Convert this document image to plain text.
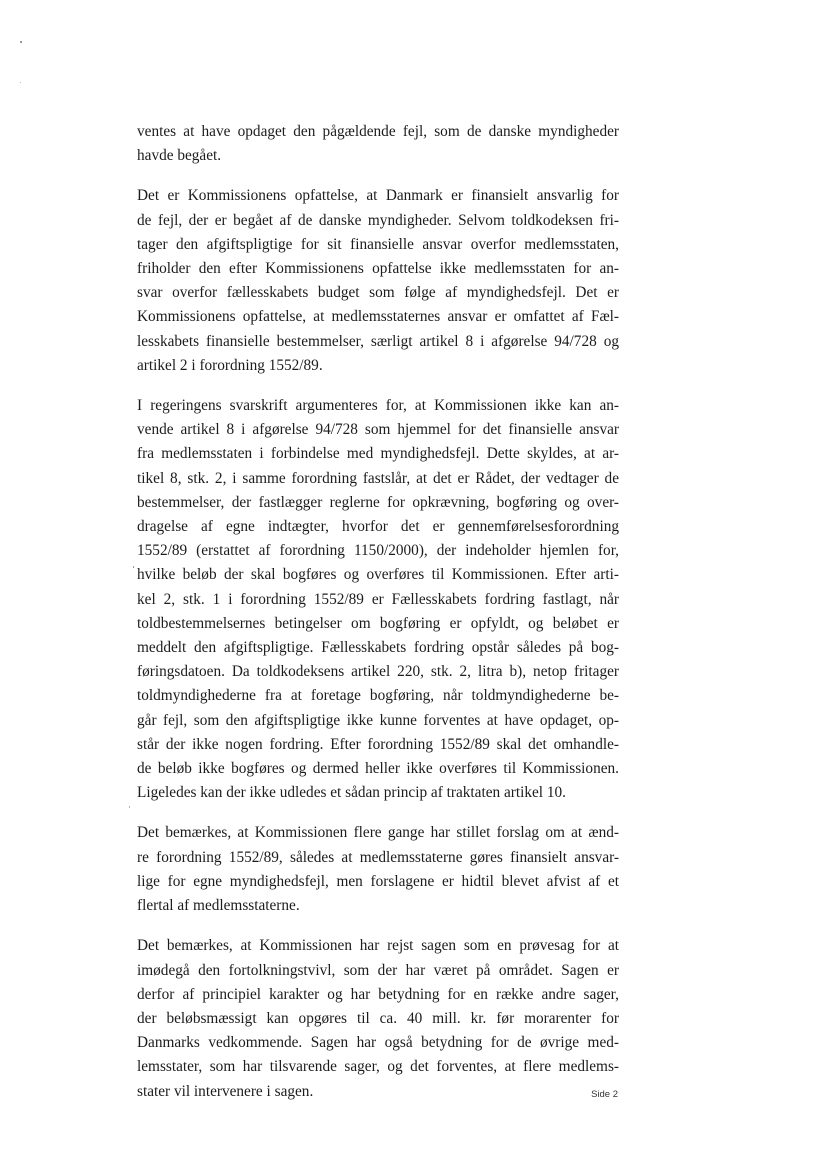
ventes at have opdaget den pågældende fejl, som de danske myndigheder
havde begået.

Det er Kommissionens opfattelse, at Danmark er finansielt ansvarlig for
de fejl, der er begået af de danske myndigheder. Selvom toldkodeksen fri-
tager den afgiftspligtige for sit finansielle ansvar overfor medlemsstaten,
friholder den efter Kommissionens opfattelse ikke medlemsstaten for an-
svar overfor fællesskabets budget som følge af myndighedsfejl. Det er
Kommissionens opfattelse, at medlemsstaternes ansvar er omfattet af Fæl-
lesskabets finansielle bestemmelser, særligt artikel 8 i afgørelse 94/728 og
artikel 2 i forordning 1552/89.

I regeringens svarskrift argumenteres for, at Kommissionen ikke kan an-
vende artikel 8 i afgørelse 94/728 som hjemmel for det finansielle ansvar
fra medlemsstaten i forbindelse med myndighedsfejl. Dette skyldes, at ar-
tikel 8, stk. 2, i samme forordning fastslår, at det er Rådet, der vedtager de
bestemmelser, der fastlægger reglerne for opkrævning, bogføring og over-
dragelse af egne indtægter, hvorfor det er gennemførelsesforordning
1552/89 (erstattet af forordning 1150/2000), der indeholder hjemlen for,
hvilke beløb der skal bogføres og overføres til Kommissionen. Efter arti-
kel 2, stk. 1 i forordning 1552/89 er Fællesskabets fordring fastlagt, når
toldbestemmelsernes betingelser om bogføring er opfyldt, og beløbet er
meddelt den afgiftspligtige. Fællesskabets fordring opstår således på bog-
føringsdatoen. Da toldkodeksens artikel 220, stk. 2, litra b), netop fritager
toldmyndighederne fra at foretage bogføring, når toldmyndighederne be-
går fejl, som den afgiftspligtige ikke kunne forventes at have opdaget, op-
står der ikke nogen fordring. Efter forordning 1552/89 skal det omhandle-
de beløb ikke bogføres og dermed heller ikke overføres til Kommissionen.
Ligeledes kan der ikke udledes et sådan princip af traktaten artikel 10.

Det bemærkes, at Kommissionen flere gange har stillet forslag om at ænd-
re forordning 1552/89, således at medlemsstaterne gøres finansielt ansvar-
lige for egne myndighedsfejl, men forslagene er hidtil blevet afvist af et
flertal af medlemsstaterne.

Det bemærkes, at Kommissionen har rejst sagen som en prøvesag for at
imødegå den fortolkningstvivl, som der har været på området. Sagen er
derfor af principiel karakter og har betydning for en række andre sager,
der beløbsmæssigt kan opgøres til ca. 40 mill. kr. før morarenter for
Danmarks vedkommende. Sagen har også betydning for de øvrige med-
lemsstater, som har tilsvarende sager, og det forventes, at flere medlems-
stater vil intervenere i sagen.	Side 2
